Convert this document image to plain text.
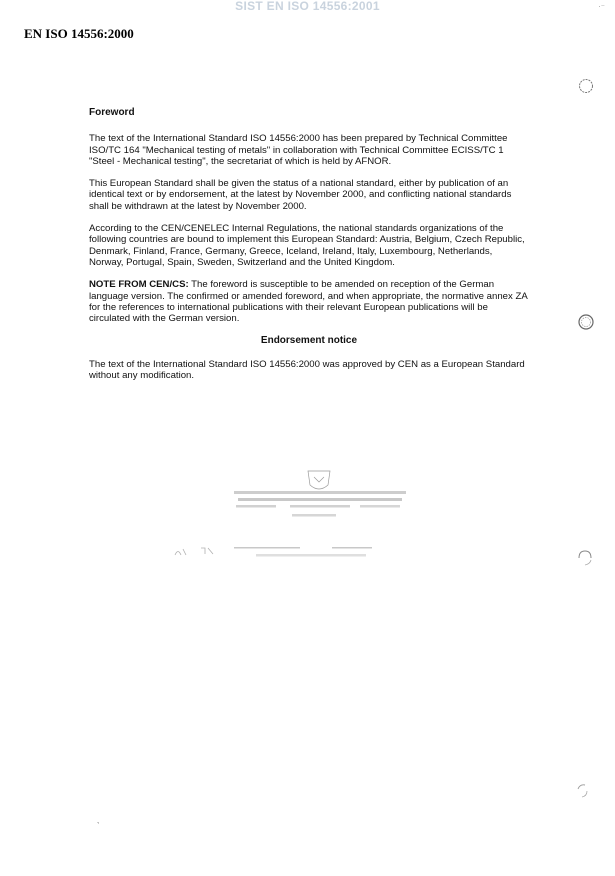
SIST EN ISO 14556:2001	·⁻
EN ISO 14556:2000
Foreword

The text of the International Standard ISO 14556:2000 has been prepared by Technical Committee ISO/TC 164 "Mechanical testing of metals" in collaboration with Technical Committee ECISS/TC 1 "Steel - Mechanical testing", the secretariat of which is held by AFNOR.

This European Standard shall be given the status of a national standard, either by publication of an identical text or by endorsement, at the latest by November 2000, and conflicting national standards shall be withdrawn at the latest by November 2000.

According to the CEN/CENELEC Internal Regulations, the national standards organizations of the following countries are bound to implement this European Standard: Austria, Belgium, Czech Republic, Denmark, Finland, France, Germany, Greece, Iceland, Ireland, Italy, Luxembourg, Netherlands, Norway, Portugal, Spain, Sweden, Switzerland and the United Kingdom.

NOTE FROM CEN/CS: The foreword is susceptible to be amended on reception of the German language version. The confirmed or amended foreword, and when appropriate, the normative annex ZA for the references to international publications with their relevant European publications will be circulated with the German version.

Endorsement notice

The text of the International Standard ISO 14556:2000 was approved by CEN as a European Standard without any modification.

ˎ
